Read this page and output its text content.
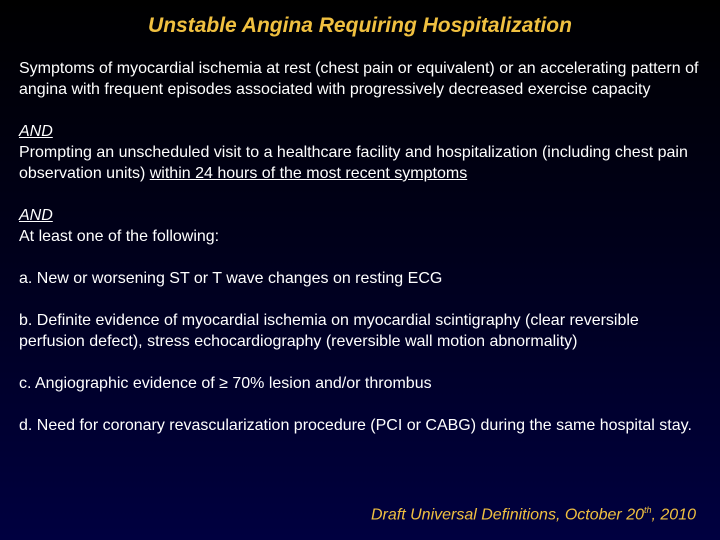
Unstable Angina Requiring Hospitalization

Symptoms of myocardial ischemia at rest (chest pain or equivalent) or an accelerating pattern of angina with frequent episodes associated with progressively decreased exercise capacity

AND

Prompting an unscheduled visit to a healthcare facility and hospitalization (including chest pain observation units) within 24 hours of the most recent symptoms

AND

At least one of the following:

a. New or worsening ST or T wave changes on resting ECG

b. Definite evidence of myocardial ischemia on myocardial scintigraphy (clear reversible perfusion defect), stress echocardiography (reversible wall motion abnormality)

c. Angiographic evidence of ≥ 70% lesion and/or thrombus

d. Need for coronary revascularization procedure (PCI or CABG) during the same hospital stay.

Draft Universal Definitions, October 20th, 2010
